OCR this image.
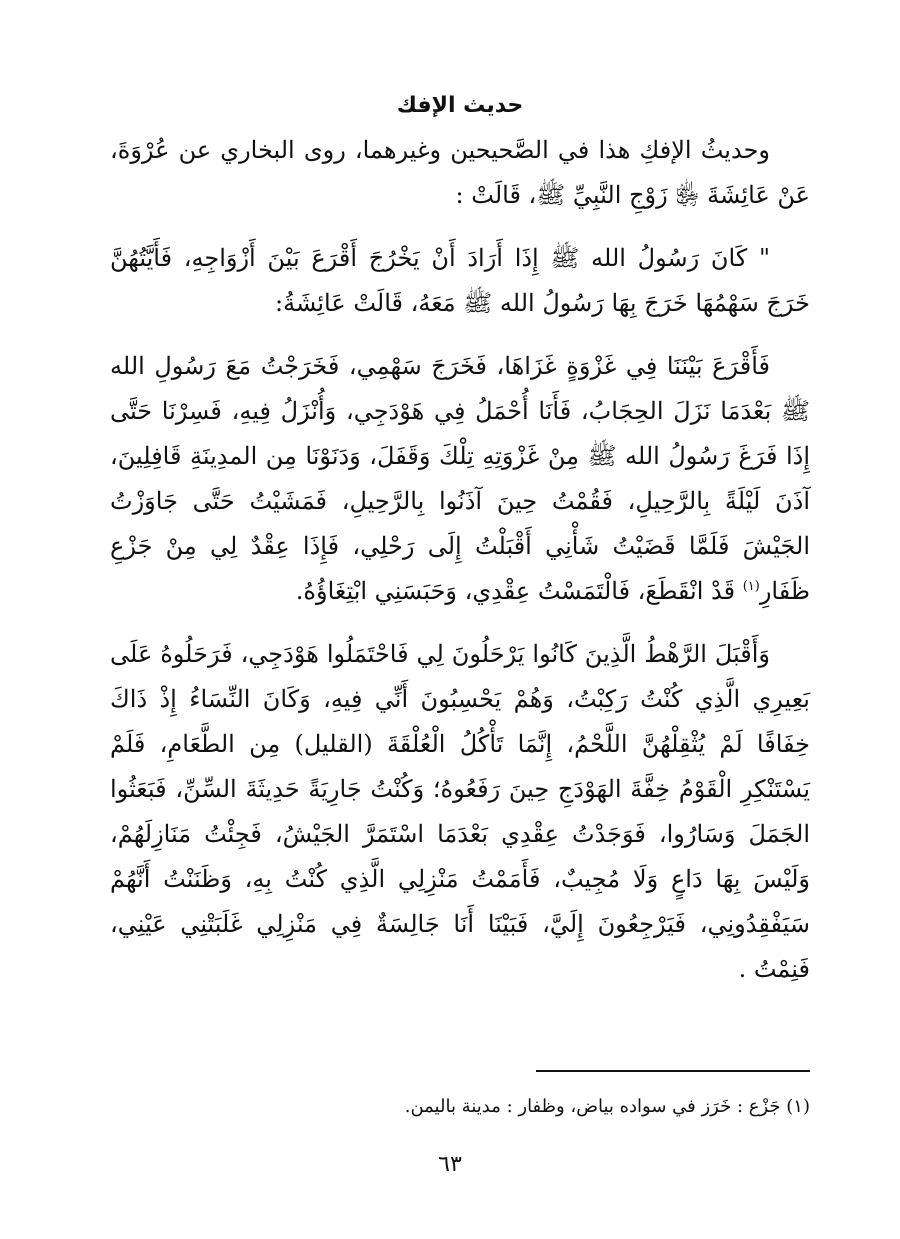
حديث الإفك

وحديثُ الإفكِ هذا في الصَّحيحين وغيرهما، روى البخاري عن عُرْوَةَ، عَنْ عَائِشَةَ ﵂ زَوْجِ النَّبِيِّ ﷺ، قَالَتْ :

" كَانَ رَسُولُ الله ﷺ إِذَا أَرَادَ أَنْ يَخْرُجَ أَقْرَعَ بَيْنَ أَزْوَاجِهِ، فَأَيَّتُهُنَّ خَرَجَ سَهْمُهَا خَرَجَ بِهَا رَسُولُ الله ﷺ مَعَهُ، قَالَتْ عَائِشَةُ:

فَأَقْرَعَ بَيْنَنَا فِي غَزْوَةٍ غَزَاهَا، فَخَرَجَ سَهْمِي، فَخَرَجْتُ مَعَ رَسُولِ الله ﷺ بَعْدَمَا نَزَلَ الحِجَابُ، فَأَنَا أُحْمَلُ فِي هَوْدَجِي، وَأُنْزَلُ فِيهِ، فَسِرْنَا حَتَّى إِذَا فَرَغَ رَسُولُ الله ﷺ مِنْ غَزْوَتِهِ تِلْكَ وَقَفَلَ، وَدَنَوْنَا مِن المدِينَةِ قَافِلِينَ، آذَنَ لَيْلَةً بِالرَّحِيلِ، فَقُمْتُ حِينَ آذَنُوا بِالرَّحِيلِ، فَمَشَيْتُ حَتَّى جَاوَزْتُ الجَيْشَ فَلَمَّا قَضَيْتُ شَأْنِي أَقْبَلْتُ إِلَى رَحْلِي، فَإِذَا عِقْدٌ لِي مِنْ جَزْعِ ظَفَارِ$^{(١)}$ قَدْ انْقَطَعَ، فَالْتَمَسْتُ عِقْدِي، وَحَبَسَنِي ابْتِغَاؤُهُ.

وَأَقْبَلَ الرَّهْطُ الَّذِينَ كَانُوا يَرْحَلُونَ لِي فَاحْتَمَلُوا هَوْدَجِي، فَرَحَلُوهُ عَلَى بَعِيرِي الَّذِي كُنْتُ رَكِبْتُ، وَهُمْ يَحْسِبُونَ أَنِّي فِيهِ، وَكَانَ النِّسَاءُ إِذْ ذَاكَ خِفَافًا لَمْ يُثْقِلْهُنَّ اللَّحْمُ، إِنَّمَا تَأْكُلُ الْعُلْقَةَ (القليل) مِن الطَّعَامِ، فَلَمْ يَسْتَنْكِرِ الْقَوْمُ خِفَّةَ الهَوْدَجِ حِينَ رَفَعُوهُ؛ وَكُنْتُ جَارِيَةً حَدِيثَةَ السِّنِّ، فَبَعَثُوا الجَمَلَ وَسَارُوا، فَوَجَدْتُ عِقْدِي بَعْدَمَا اسْتَمَرَّ الجَيْشُ، فَجِئْتُ مَنَازِلَهُمْ، وَلَيْسَ بِهَا دَاعٍ وَلَا مُجِيبٌ، فَأَمَمْتُ مَنْزِلِي الَّذِي كُنْتُ بِهِ، وَظَنَنْتُ أَنَّهُمْ سَيَفْقِدُونِي، فَيَرْجِعُونَ إِلَيَّ، فَبَيْنَا أَنَا جَالِسَةٌ فِي مَنْزِلِي غَلَبَتْنِي عَيْنِي، فَنِمْتُ .

(١) جَزْع : خَرَز في سواده بياض، وظفار : مدينة باليمن.
٦٣
